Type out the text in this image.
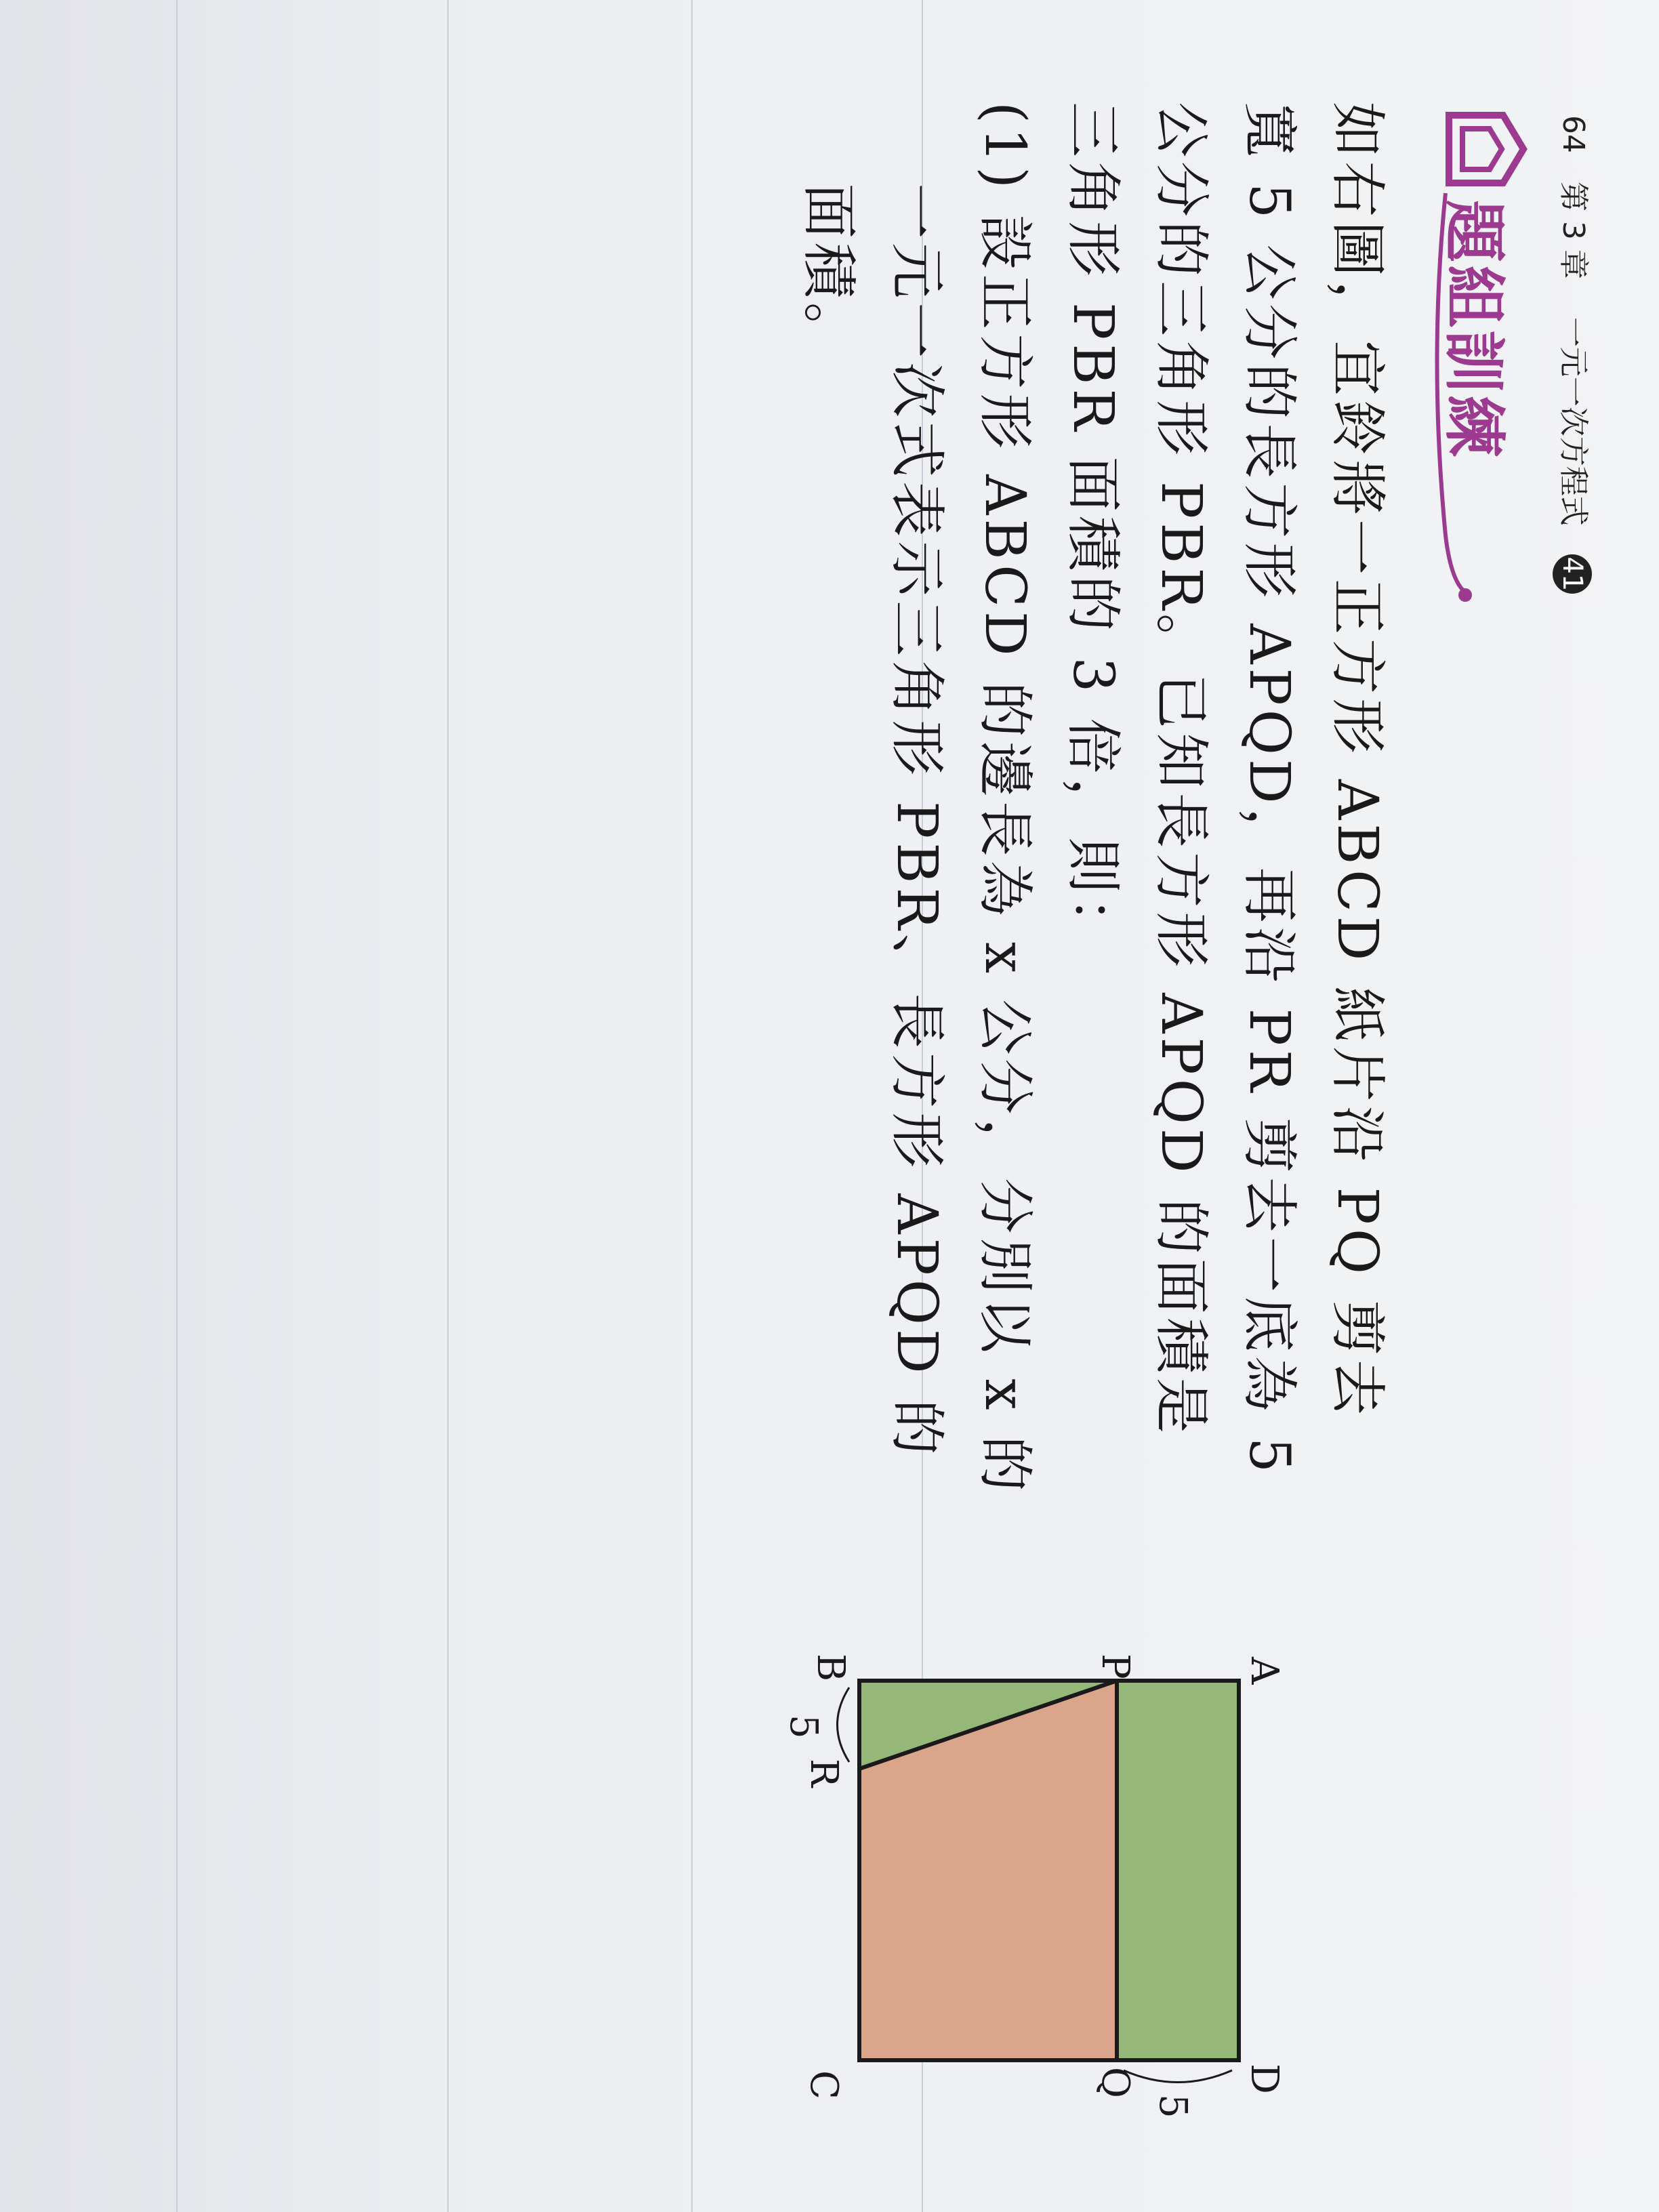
64   第 3 章    一元一次方程式   41
題組訓練
如右圖，宜鈴將一正方形 ABCD 紙片沿 PQ 剪去
寬 5 公分的長方形 APQD，再沿 PR 剪去一底為 5
公分的三角形 PBR。已知長方形 APQD 的面積是
三角形 PBR 面積的 3 倍，則：
(1) 設正方形 ABCD 的邊長為 x 公分，分別以 x 的
　 一元一次式表示三角形 PBR、長方形 APQD 的
　 面積。
A
D
P
Q
5
B
5
R
C
